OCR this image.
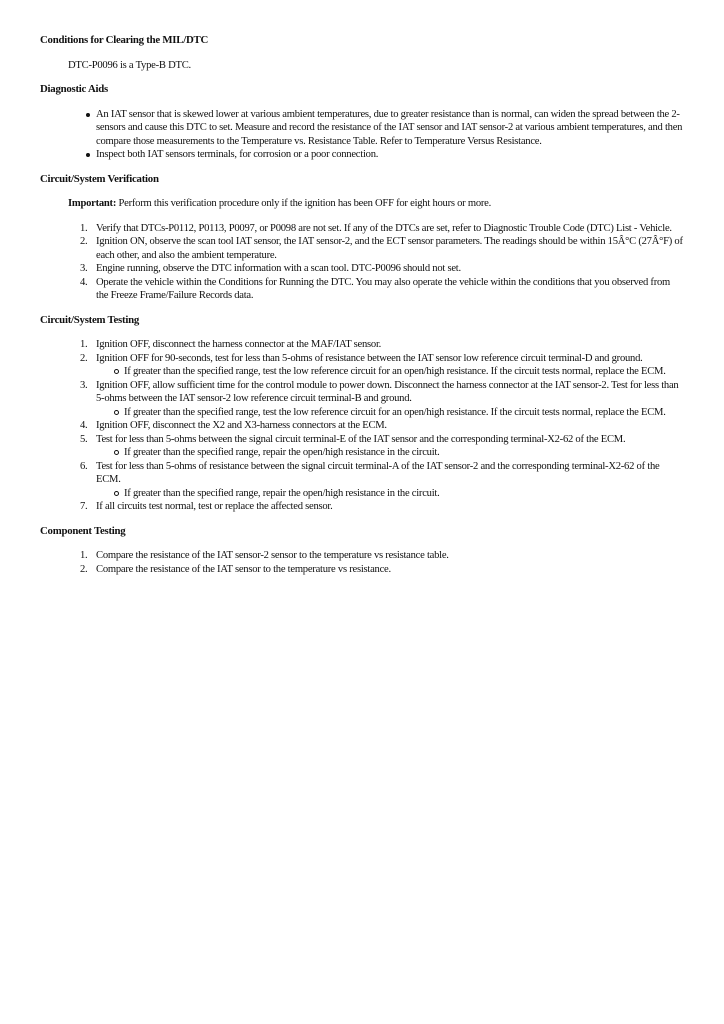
Conditions for Clearing the MIL/DTC

DTC-P0096 is a Type-B DTC.

Diagnostic Aids
An IAT sensor that is skewed lower at various ambient temperatures, due to greater resistance than is normal, can widen the spread between the 2-sensors and cause this DTC to set. Measure and record the resistance of the IAT sensor and IAT sensor-2 at various ambient temperatures, and then compare those measurements to the Temperature vs. Resistance Table. Refer to Temperature Versus Resistance.
Inspect both IAT sensors terminals, for corrosion or a poor connection.
Circuit/System Verification

Important: Perform this verification procedure only if the ignition has been OFF for eight hours or more.

1. Verify that DTCs-P0112, P0113, P0097, or P0098 are not set. If any of the DTCs are set, refer to Diagnostic Trouble Code (DTC) List - Vehicle.
2. Ignition ON, observe the scan tool IAT sensor, the IAT sensor-2, and the ECT sensor parameters. The readings should be within 15Â°C (27Â°F) of each other, and also the ambient temperature.
3. Engine running, observe the DTC information with a scan tool. DTC-P0096 should not set.
4. Operate the vehicle within the Conditions for Running the DTC. You may also operate the vehicle within the conditions that you observed from the Freeze Frame/Failure Records data.
Circuit/System Testing
1. Ignition OFF, disconnect the harness connector at the MAF/IAT sensor.
2. Ignition OFF for 90-seconds, test for less than 5-ohms of resistance between the IAT sensor low reference circuit terminal-D and ground.
If greater than the specified range, test the low reference circuit for an open/high resistance. If the circuit tests normal, replace the ECM.
3. Ignition OFF, allow sufficient time for the control module to power down. Disconnect the harness connector at the IAT sensor-2. Test for less than 5-ohms between the IAT sensor-2 low reference circuit terminal-B and ground.
If greater than the specified range, test the low reference circuit for an open/high resistance. If the circuit tests normal, replace the ECM.
4. Ignition OFF, disconnect the X2 and X3-harness connectors at the ECM.
5. Test for less than 5-ohms between the signal circuit terminal-E of the IAT sensor and the corresponding terminal-X2-62 of the ECM.
If greater than the specified range, repair the open/high resistance in the circuit.
6. Test for less than 5-ohms of resistance between the signal circuit terminal-A of the IAT sensor-2 and the corresponding terminal-X2-62 of the ECM.
If greater than the specified range, repair the open/high resistance in the circuit.
7. If all circuits test normal, test or replace the affected sensor.
Component Testing
1. Compare the resistance of the IAT sensor-2 sensor to the temperature vs resistance table.
2. Compare the resistance of the IAT sensor to the temperature vs resistance.
